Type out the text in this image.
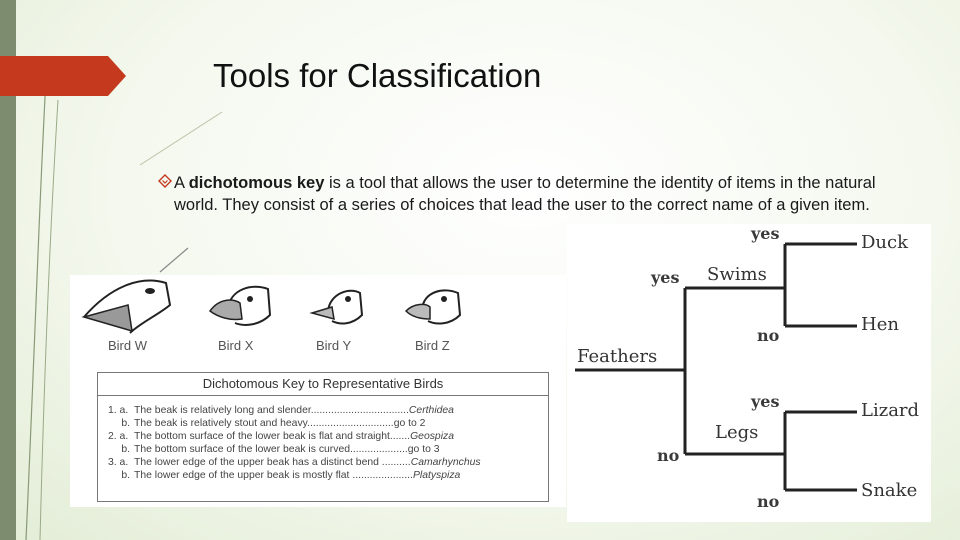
Tools for Classification
A dichotomous key is a tool that allows the user to determine the identity of items in the natural world. They consist of a series of choices that lead the user to the correct name of a given item.
Bird W	Bird X	Bird Y	Bird Z
Dichotomous Key to Representative Birds
1. a. The beak is relatively long and slender..................................Certhidea
b. The beak is relatively stout and heavy..............................go to 2
2. a. The bottom surface of the lower beak is flat and straight.......Geospiza
b. The bottom surface of the lower beak is curved....................go to 3
3. a. The lower edge of the upper beak has a distinct bend ..........Camarhynchus
b. The lower edge of the upper beak is mostly flat .....................Platyspiza
Feathers
Swims
Legs
yes
no
yes
no
yes
no
Duck
Hen
Lizard
Snake
